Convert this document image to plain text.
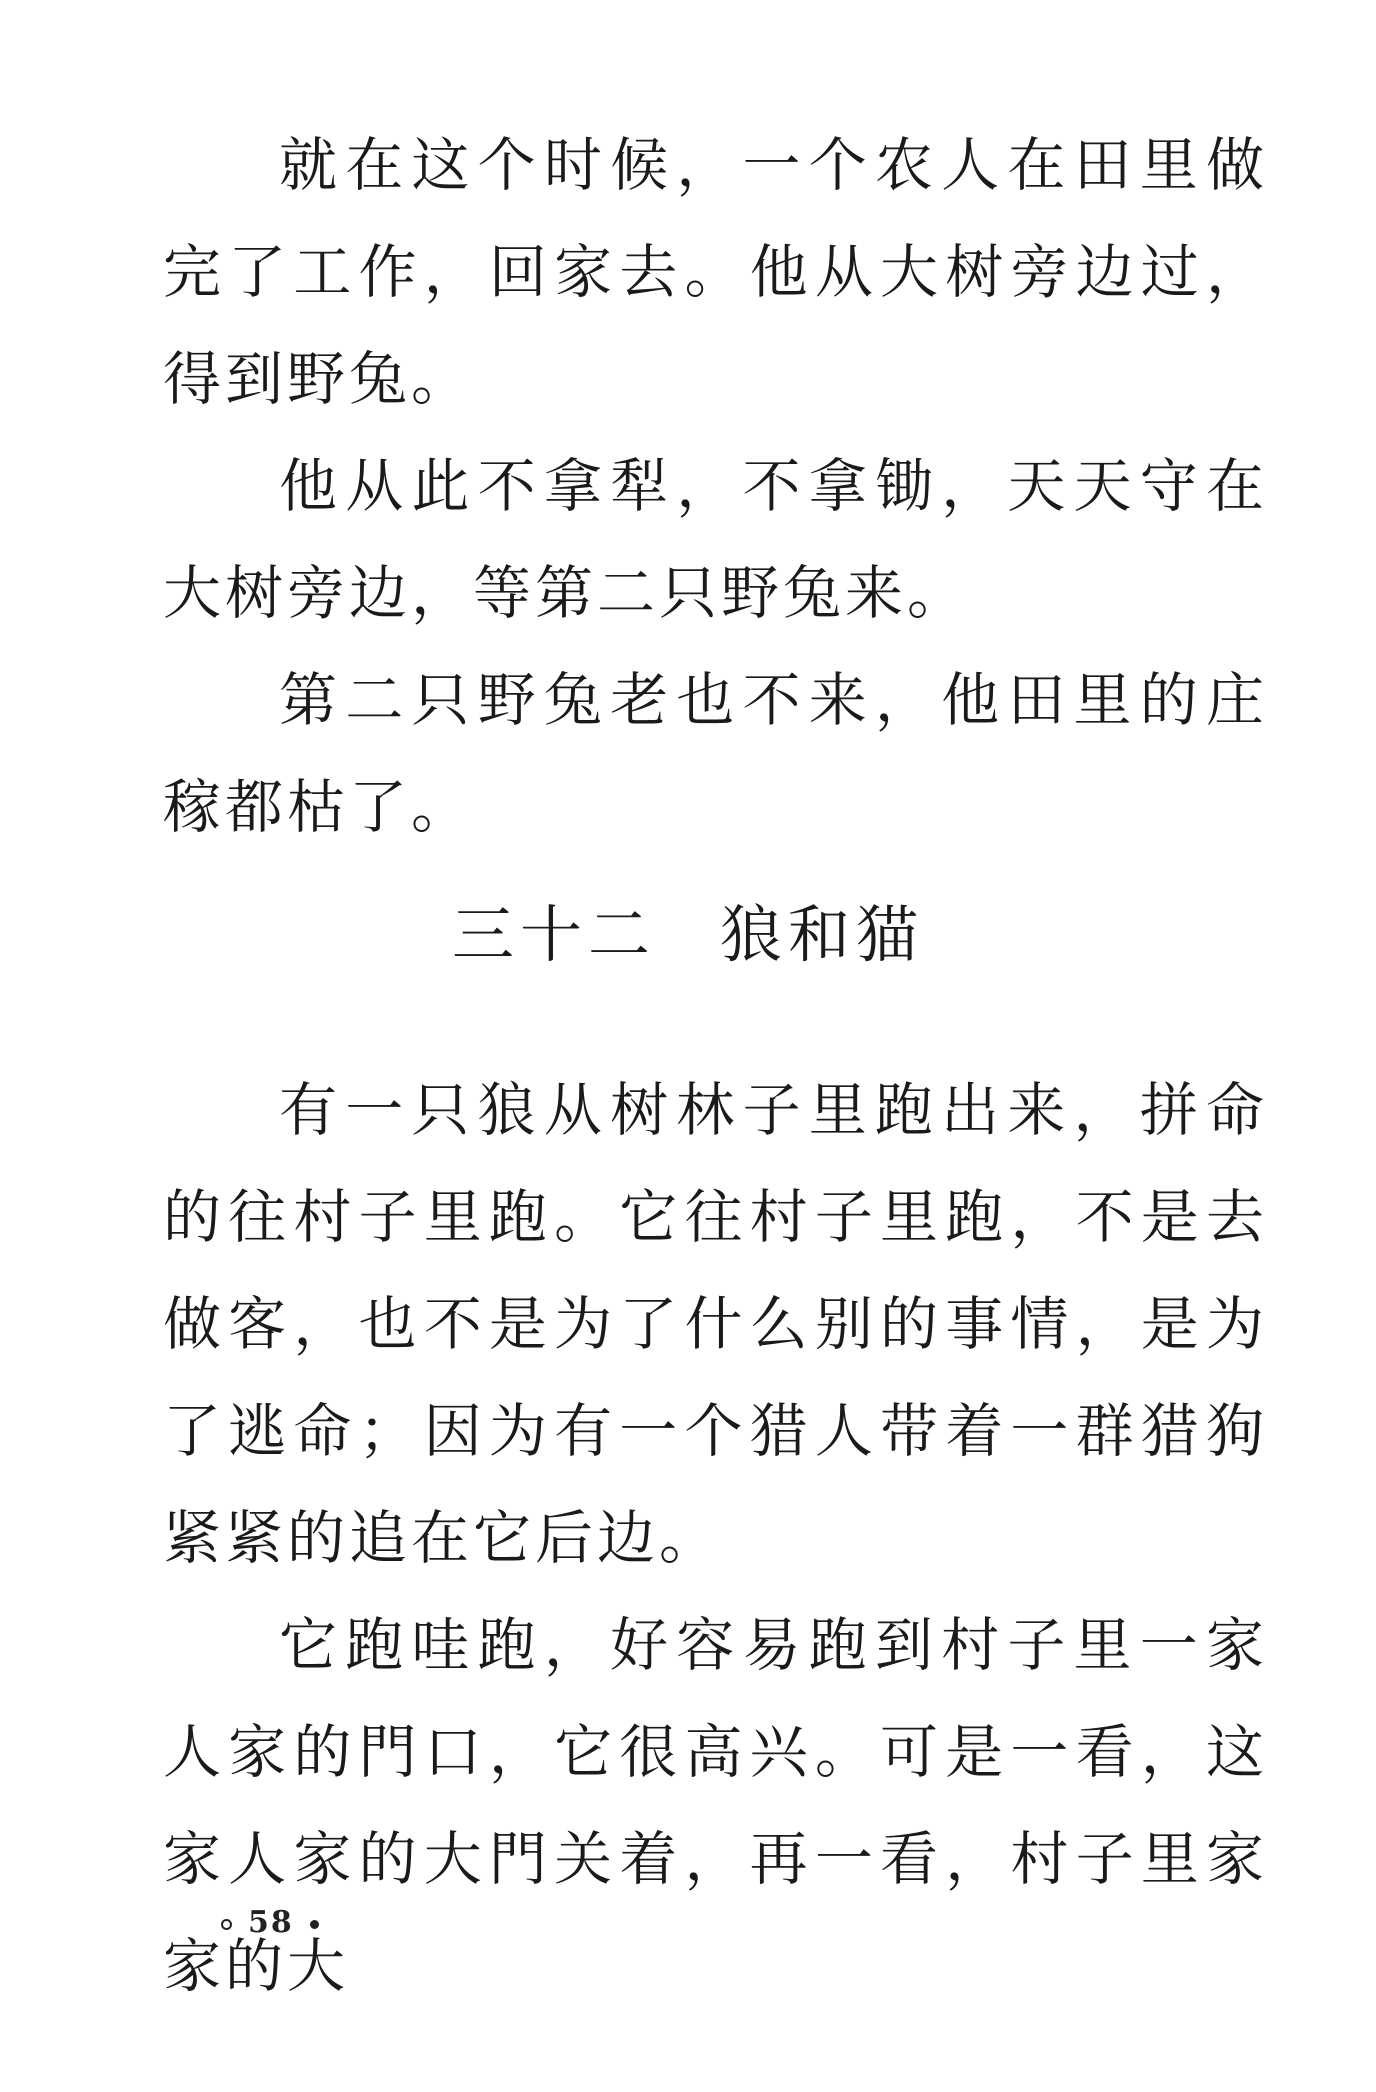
就在这个时候，一个农人在田里做完了工作，回家去。他从大树旁边过，得到野兔。

他从此不拿犁，不拿锄，天天守在大树旁边，等第二只野兔来。

第二只野兔老也不来，他田里的庄稼都枯了。

三十二 狼和猫

有一只狼从树林子里跑出来，拼命的往村子里跑。它往村子里跑，不是去做客，也不是为了什么别的事情，是为了逃命；因为有一个猎人带着一群猎狗紧紧的追在它后边。

它跑哇跑，好容易跑到村子里一家人家的門口，它很高兴。可是一看，这家人家的大門关着，再一看，村子里家家的大

58
